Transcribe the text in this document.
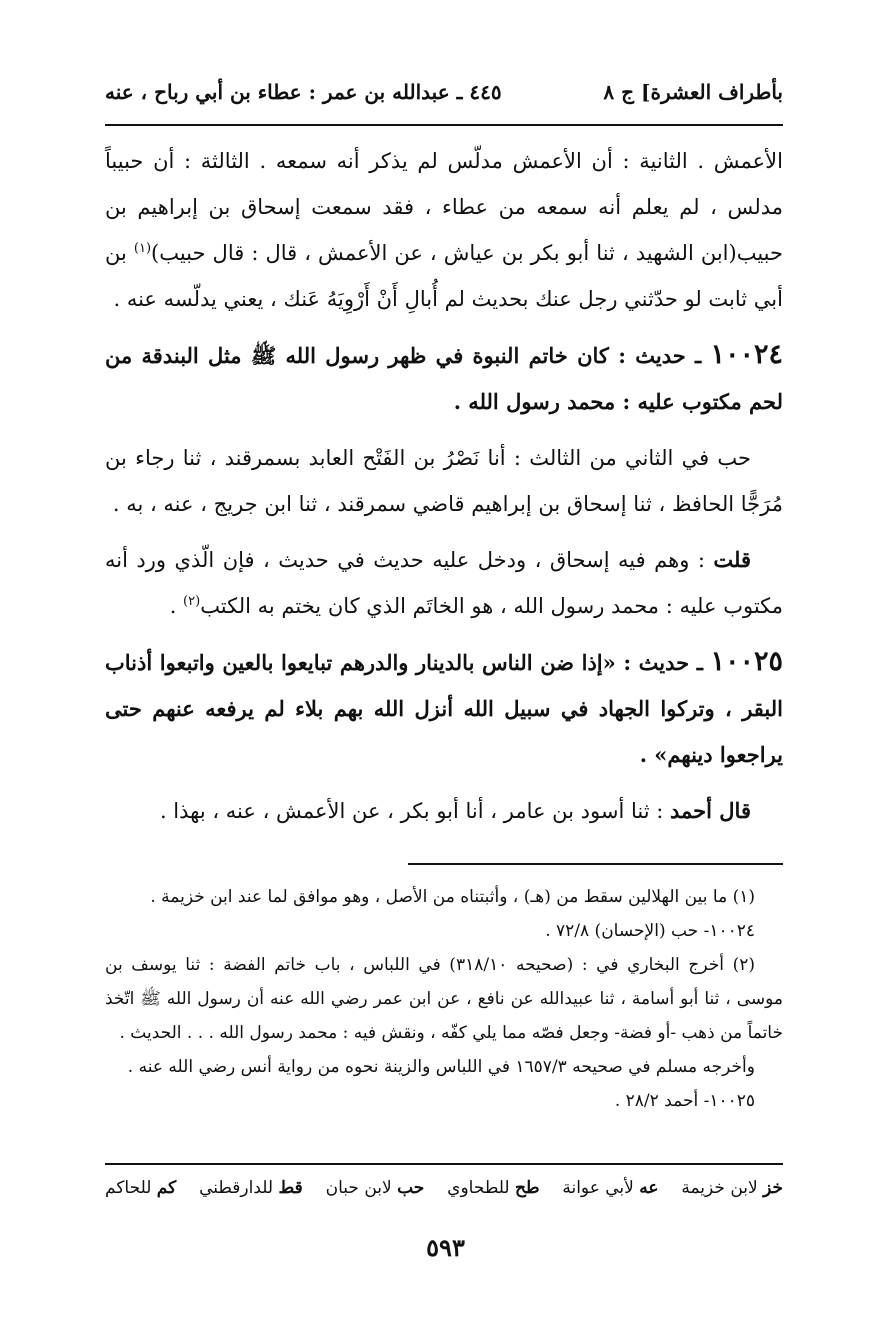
بأطراف العشرة] ج ٨
٤٤٥ ـ عبدالله بن عمر : عطاء بن أبي رباح ، عنه

الأعمش . الثانية : أن الأعمش مدلّس لم يذكر أنه سمعه . الثالثة : أن حبيباً مدلس ، لم يعلم أنه سمعه من عطاء ، فقد سمعت إسحاق بن إبراهيم بن حبيب(ابن الشهيد ، ثنا أبو بكر بن عياش ، عن الأعمش ، قال : قال حبيب)$^{(١)}$ بن أبي ثابت لو حدّثني رجل عنك بحديث لم أُبالِ أَنْ أَرْوِيَهُ عَنك ، يعني يدلّسه عنه .

١٠٠٢٤ ـ حديث : كان خاتم النبوة في ظهر رسول الله ﷺ مثل البندقة من لحم مكتوب عليه : محمد رسول الله .

حب في الثاني من الثالث : أنا نَصْرُ بن الفَتْح العابد بسمرقند ، ثنا رجاء بن مُرَجًّا الحافظ ، ثنا إسحاق بن إبراهيم قاضي سمرقند ، ثنا ابن جريج ، عنه ، به .

قلت : وهم فيه إسحاق ، ودخل عليه حديث في حديث ، فإن الّذي ورد أنه مكتوب عليه : محمد رسول الله ، هو الخاتَم الذي كان يختم به الكتب$^{(٢)}$ .

١٠٠٢٥ ـ حديث : «إذا ضن الناس بالدينار والدرهم تبايعوا بالعين واتبعوا أذناب البقر ، وتركوا الجهاد في سبيل الله أنزل الله بهم بلاء لم يرفعه عنهم حتى يراجعوا دينهم» .

قال أحمد : ثنا أسود بن عامر ، أنا أبو بكر ، عن الأعمش ، عنه ، بهذا .

(١) ما بين الهلالين سقط من (هـ) ، وأثبتناه من الأصل ، وهو موافق لما عند ابن خزيمة .

١٠٠٢٤- حب (الإحسان) ٧٢/٨ .

(٢) أخرج البخاري في : (صحيحه ٣١٨/١٠) في اللباس ، باب خاتم الفضة : ثنا يوسف بن موسى ، ثنا أبو أسامة ، ثنا عبيدالله عن نافع ، عن ابن عمر رضي الله عنه أن رسول الله ﷺ اتّخذ خاتماً من ذهب -أو فضة- وجعل فصّه مما يلي كفّه ، ونقش فيه : محمد رسول الله . . . الحديث .

وأخرجه مسلم في صحيحه ١٦٥٧/٣ في اللباس والزينة نحوه من رواية أنس رضي الله عنه .

١٠٠٢٥- أحمد ٢٨/٢ .

خز لابن خزيمة
عه لأبي عوانة
طح للطحاوي
حب لابن حبان
قط للدارقطني
كم للحاكم
٥٩٣
